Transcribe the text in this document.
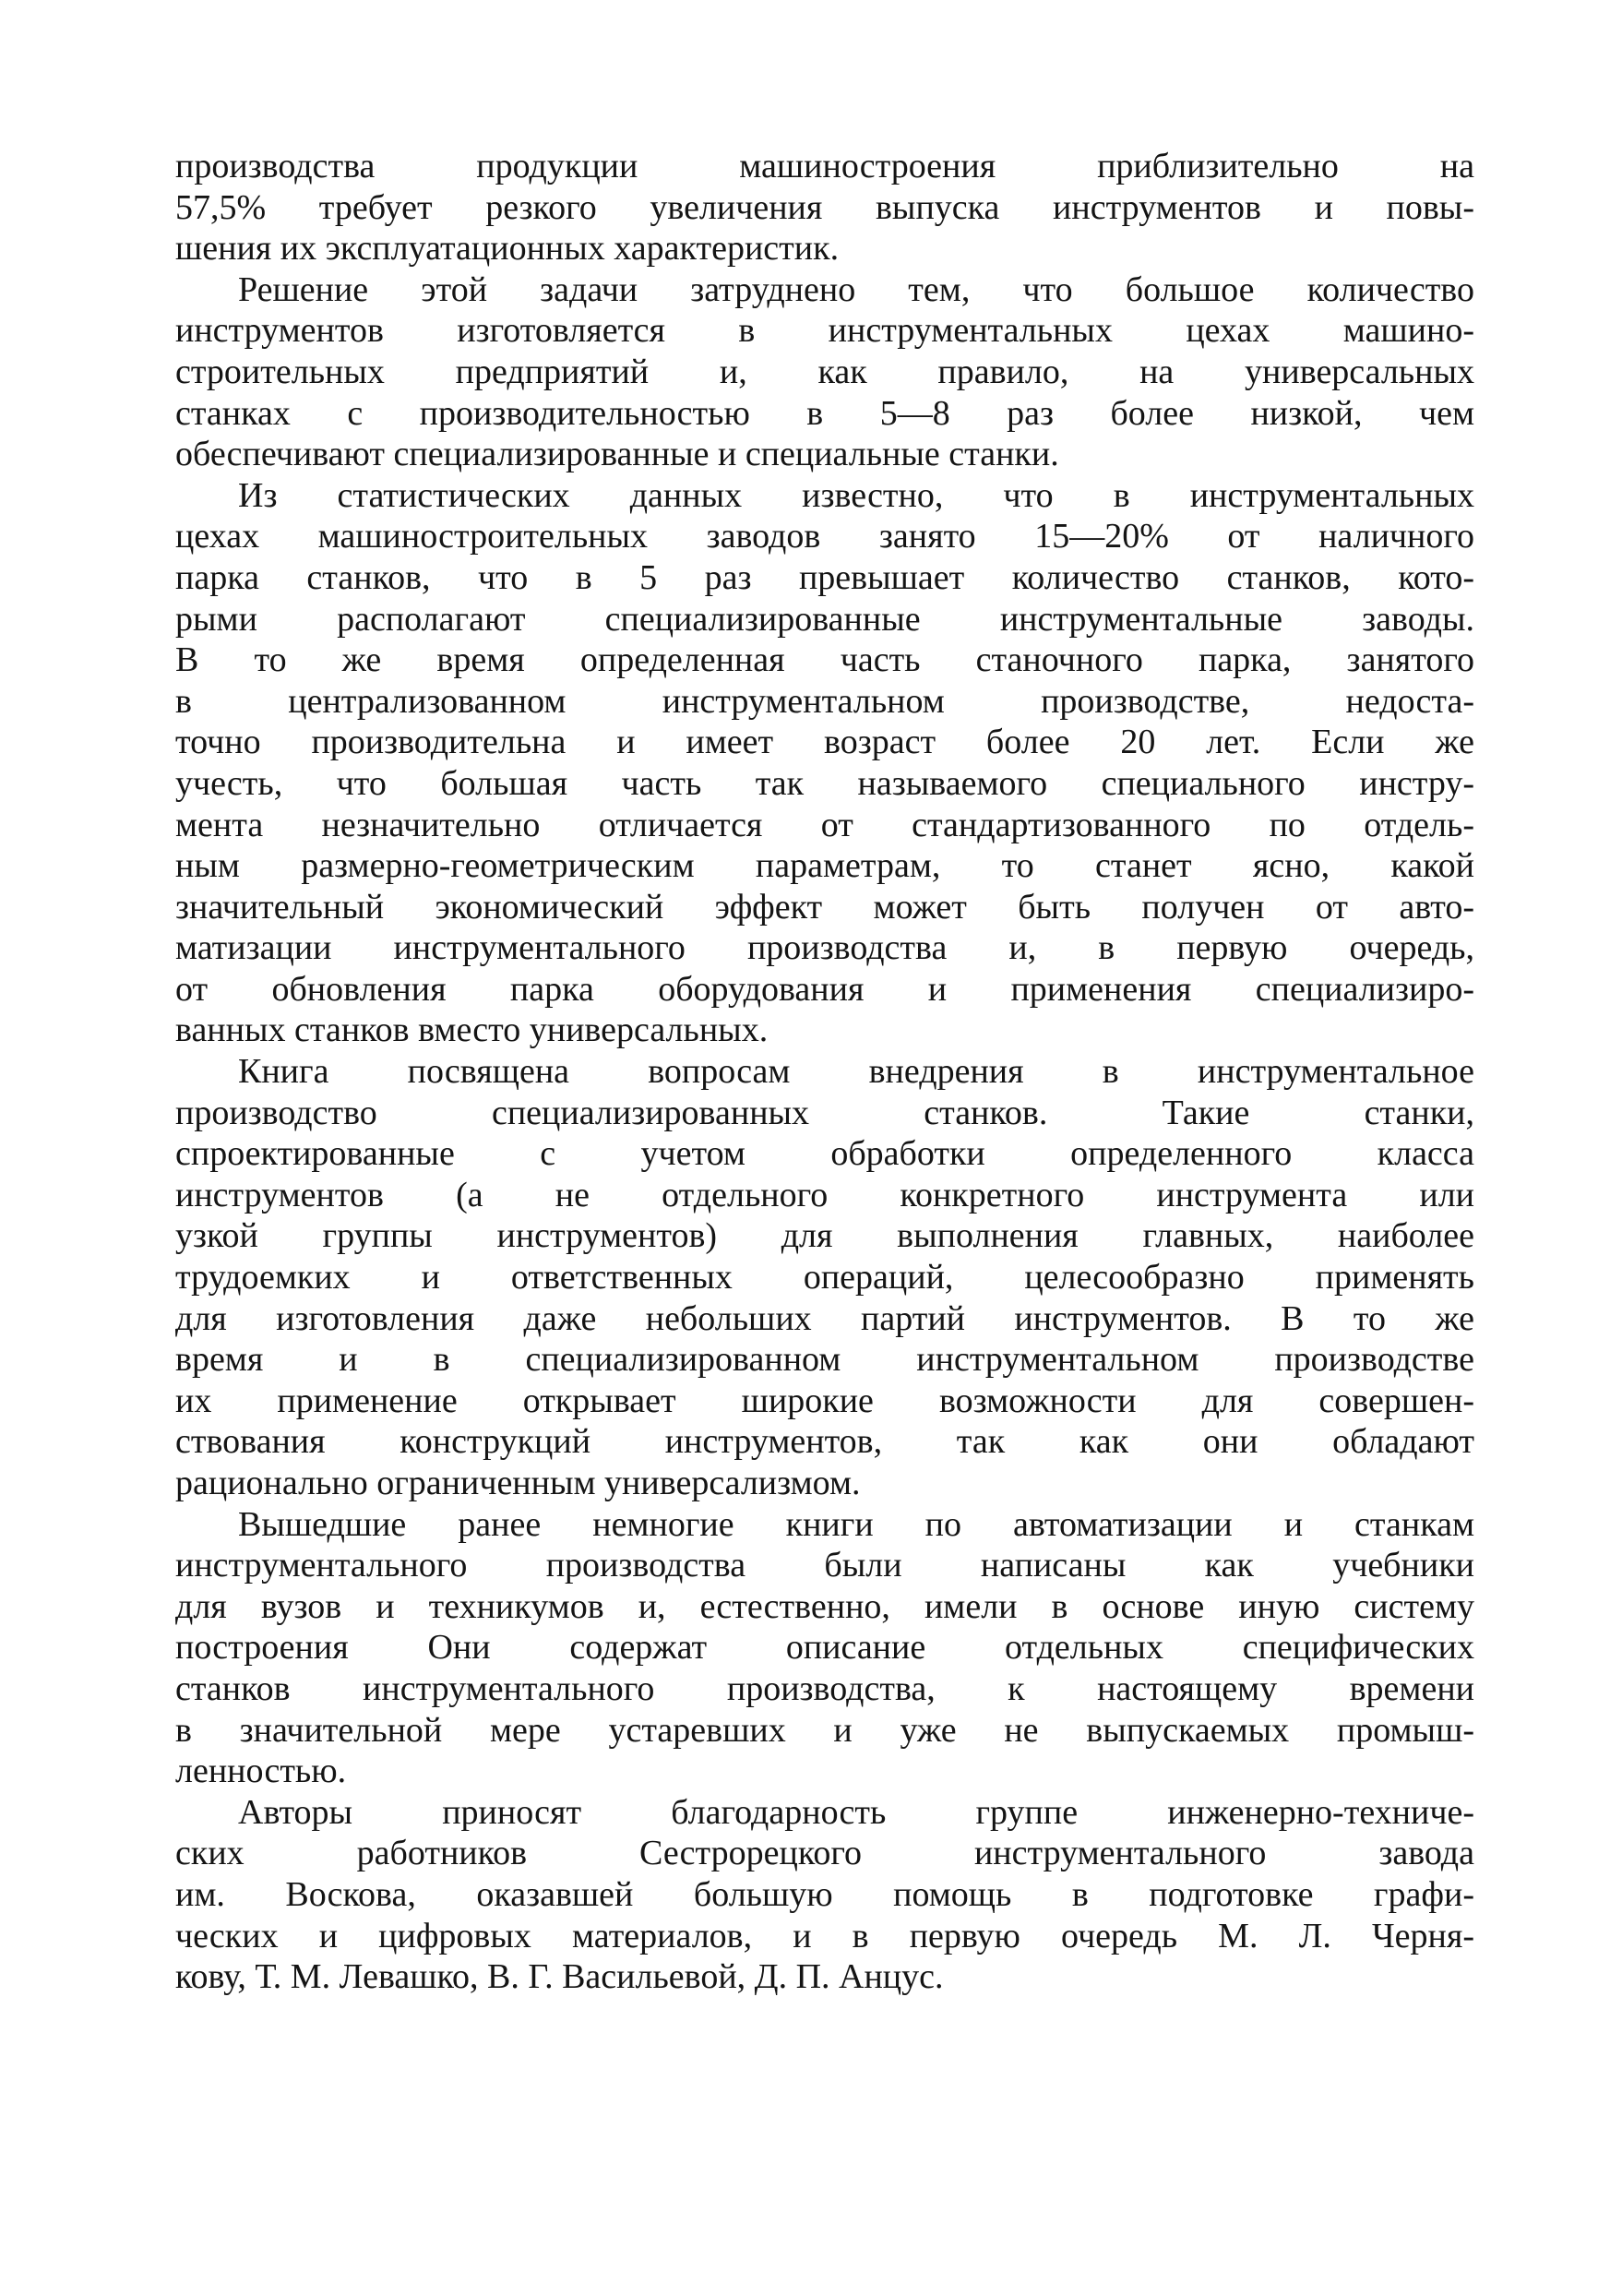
производства продукции машиностроения приблизительно на
57,5% требует резкого увеличения выпуска инструментов и повы-
шения их эксплуатационных характеристик.
Решение этой задачи затруднено тем, что большое количество
инструментов изготовляется в инструментальных цехах машино-
строительных предприятий и, как правило, на универсальных
станках с производительностью в 5—8 раз более низкой, чем
обеспечивают специализированные и специальные станки.
Из статистических данных известно, что в инструментальных
цехах машиностроительных заводов занято 15—20% от наличного
парка станков, что в 5 раз превышает количество станков, кото-
рыми располагают специализированные инструментальные заводы.
В то же время определенная часть станочного парка, занятого
в централизованном инструментальном производстве, недоста-
точно производительна и имеет возраст более 20 лет. Если же
учесть, что большая часть так называемого специального инстру-
мента незначительно отличается от стандартизованного по отдель-
ным размерно-геометрическим параметрам, то станет ясно, какой
значительный экономический эффект может быть получен от авто-
матизации инструментального производства и, в первую очередь,
от обновления парка оборудования и применения специализиро-
ванных станков вместо универсальных.
Книга посвящена вопросам внедрения в инструментальное
производство специализированных станков. Такие станки,
спроектированные с учетом обработки определенного класса
инструментов (а не отдельного конкретного инструмента или
узкой группы инструментов) для выполнения главных, наиболее
трудоемких и ответственных операций, целесообразно применять
для изготовления даже небольших партий инструментов. В то же
время и в специализированном инструментальном производстве
их применение открывает широкие возможности для совершен-
ствования конструкций инструментов, так как они обладают
рационально ограниченным универсализмом.
Вышедшие ранее немногие книги по автоматизации и станкам
инструментального производства были написаны как учебники
для вузов и техникумов и, естественно, имели в основе иную систему
построения Они содержат описание отдельных специфических
станков инструментального производства, к настоящему времени
в значительной мере устаревших и уже не выпускаемых промыш-
ленностью.
Авторы приносят благодарность группе инженерно-техниче-
ских работников Сестрорецкого инструментального завода
им. Воскова, оказавшей большую помощь в подготовке графи-
ческих и цифровых материалов, и в первую очередь М. Л. Черня-
кову, Т. М. Левашко, В. Г. Васильевой, Д. П. Анцус.
